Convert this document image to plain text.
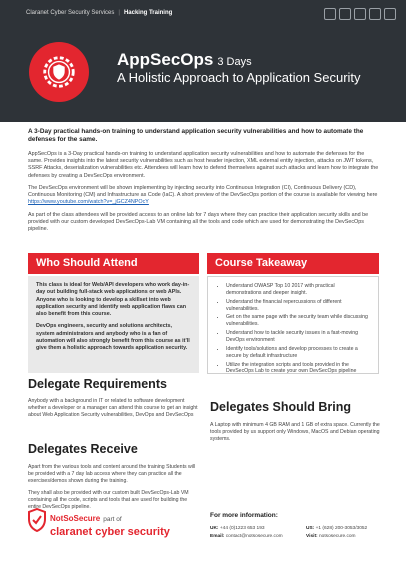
Claranet Cyber Security Services | Hacking Training
AppSecOps 3 Days
A Holistic Approach to Application Security
A 3-Day practical hands-on training to understand application security vulnerabilities and how to automate the defenses for the same.

AppSecOps is a 3-Day practical hands-on training to understand application security vulnerabilities and how to automate the defenses for the same. Provides insights into the latest security vulnerabilities such as host header injection, XML external entity injection, attacks on JWT tokens, SSRF Attacks, deserialization vulnerabilities etc. Attendees will learn how to defend themselves against such attacks and learn how to integrate the defenses by creating a DevSecOps environment.

The DevSecOps environment will be shown implementing by injecting security into Continuous Integration (CI), Continuous Delivery (CD), Continuous Monitoring (CM) and Infrastructure as Code (IaC). A short preview of the DevSecOps portion of the course is available for viewing here https://www.youtube.com/watch?v=_jGCZ4NPOcY

As part of the class attendees will be provided access to an online lab for 7 days where they can practice their application security skills and be provided with our custom developed DevSecOps-Lab VM containing all the tools and code which are used for demonstrating the DevSecOps pipeline.

Who Should Attend	Course Takeaway

This class is ideal for Web/API developers who work day-in-day out building full-stack web applications or web APIs. Anyone who is looking to develop a skillset into web application security and identify web application flaws can also benefit from this course.

DevOps engineers, security and solutions architects, system administrators and anybody who is a fan of automation will also strongly benefit from this course as it'll give them a holistic approach towards application security.

• Understand OWASP Top 10 2017 with practical demonstrations and deeper insight.
• Understand the financial repercussions of different vulnerabilities.
• Get on the same page with the security team while discussing vulnerabilities.
• Understand how to tackle security issues in a fast-moving DevOps environment
• Identify tools/solutions and develop processes to create a secure by default infrastructure
• Utilize the integration scripts and tools provided in the DevSecOps Lab to create your own DevSecOps pipeline
Delegate Requirements
Anybody with a background in IT or related to software development whether a developer or a manager can attend this course to get an insight about Web Application Security vulnerabilities, DevOps and DevSecOps
Delegates Receive

Apart from the various tools and content around the training Students will be provided with a 7 day lab access where they can practice all the exercises/demos shown during the training.

They shall also be provided with our custom built DevSecOps-Lab VM containing all the code, scripts and tools that are used for building the entire DevSecOps pipeline.

Delegates Should Bring
A Laptop with minimum 4 GB RAM and 1 GB of extra space. Currently the tools provided by us support only Windows, MacOS and Debian operating systems.
NotSoSecure part of
claranet cyber security
For more information:
UK: +44 (0)1223 653 193	US: +1 (628) 200-3053/3052
Email: contact@notsosecure.com	Visit: notsosecure.com
